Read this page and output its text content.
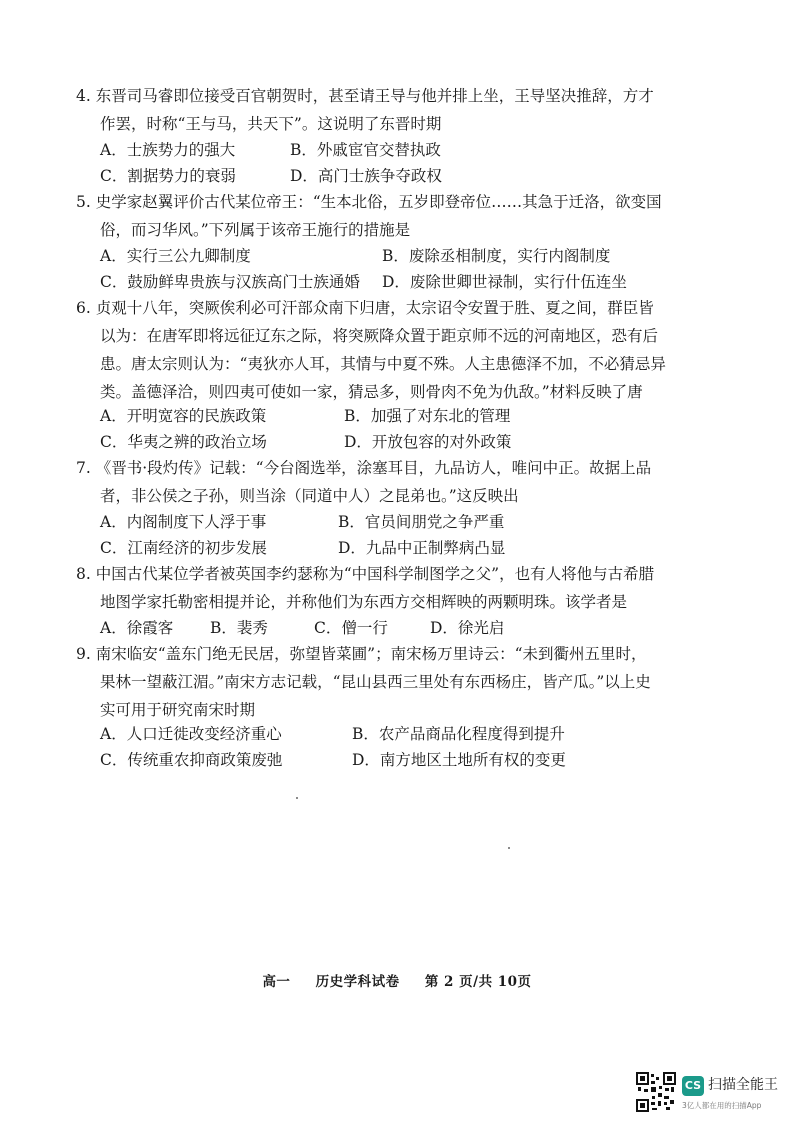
4. 东晋司马睿即位接受百官朝贺时，甚至请王导与他并排上坐，王导坚决推辞，方才
作罢，时称“王与马，共天下”。这说明了东晋时期
A．士族势力的强大	B．外戚宦官交替执政
C．割据势力的衰弱	D．高门士族争夺政权
5. 史学家赵翼评价古代某位帝王：“生本北俗，五岁即登帝位……其急于迁洛，欲变国
俗，而习华风。”下列属于该帝王施行的措施是
A．实行三公九卿制度	B．废除丞相制度，实行内阁制度
C．鼓励鲜卑贵族与汉族高门士族通婚 D．废除世卿世禄制，实行什伍连坐
6. 贞观十八年，突厥俟利必可汗部众南下归唐，太宗诏令安置于胜、夏之间，群臣皆
以为：在唐军即将远征辽东之际，将突厥降众置于距京师不远的河南地区，恐有后
患。唐太宗则认为：“夷狄亦人耳，其情与中夏不殊。人主患德泽不加，不必猜忌异
类。盖德泽洽，则四夷可使如一家，猜忌多，则骨肉不免为仇敌。”材料反映了唐
A．开明宽容的民族政策	B．加强了对东北的管理
C．华夷之辨的政治立场	D．开放包容的对外政策
7. 《晋书·段灼传》记载：“今台阁选举，涂塞耳目，九品访人，唯问中正。故据上品
者，非公侯之子孙，则当涂（同道中人）之昆弟也。”这反映出
A．内阁制度下人浮于事	B．官员间朋党之争严重
C．江南经济的初步发展	D．九品中正制弊病凸显
8. 中国古代某位学者被英国李约瑟称为“中国科学制图学之父”，也有人将他与古希腊
地图学家托勒密相提并论，并称他们为东西方交相辉映的两颗明珠。该学者是
A．徐霞客 B．裴秀	C．僧一行	D．徐光启
9. 南宋临安“盖东门绝无民居，弥望皆菜圃”；南宋杨万里诗云：“未到衢州五里时，
果林一望蔽江湄。”南宋方志记载，“昆山县西三里处有东西杨庄，皆产瓜。”以上史
实可用于研究南宋时期
A．人口迁徙改变经济重心	B．农产品商品化程度得到提升
C．传统重农抑商政策废弛	D．南方地区土地所有权的变更
高一 历史学科试卷 第 2 页/共 10页
CS 扫描全能王
3亿人都在用的扫描App
